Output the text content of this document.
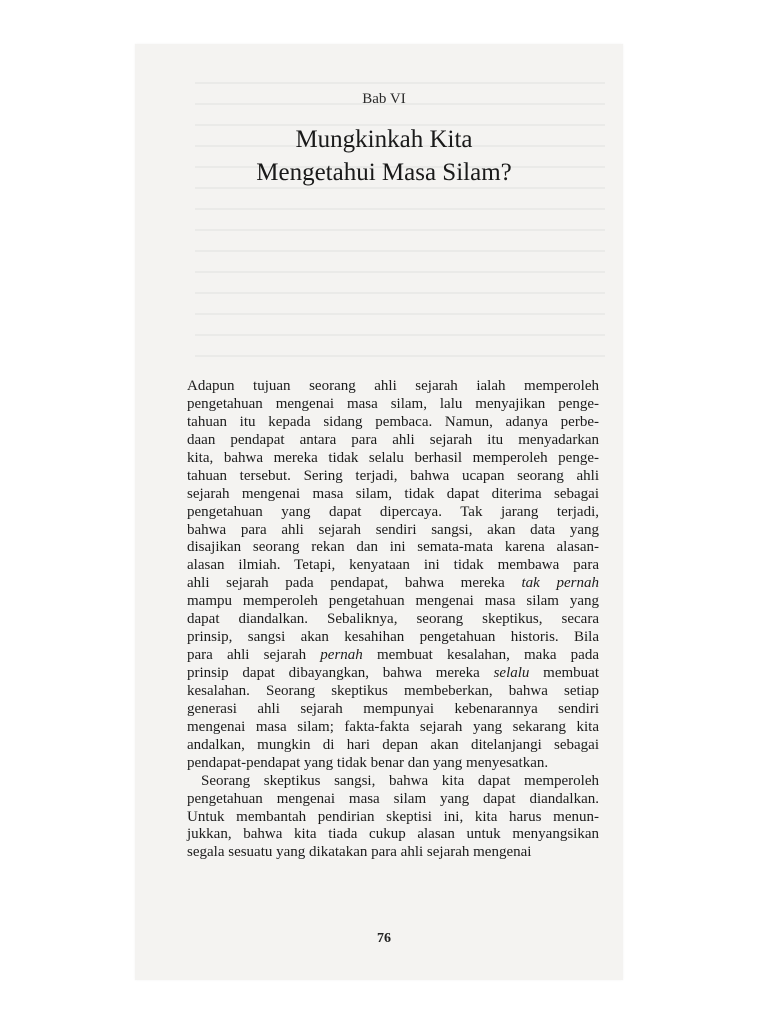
Bab VI
Mungkinkah Kita
Mengetahui Masa Silam?
Adapun tujuan seorang ahli sejarah ialah memperoleh
pengetahuan mengenai masa silam, lalu menyajikan penge-
tahuan itu kepada sidang pembaca. Namun, adanya perbe-
daan pendapat antara para ahli sejarah itu menyadarkan
kita, bahwa mereka tidak selalu berhasil memperoleh penge-
tahuan tersebut. Sering terjadi, bahwa ucapan seorang ahli
sejarah mengenai masa silam, tidak dapat diterima sebagai
pengetahuan yang dapat dipercaya. Tak jarang terjadi,
bahwa para ahli sejarah sendiri sangsi, akan data yang
disajikan seorang rekan dan ini semata-mata karena alasan-
alasan ilmiah. Tetapi, kenyataan ini tidak membawa para
ahli sejarah pada pendapat, bahwa mereka tak pernah
mampu memperoleh pengetahuan mengenai masa silam yang
dapat diandalkan. Sebaliknya, seorang skeptikus, secara
prinsip, sangsi akan kesahihan pengetahuan historis. Bila
para ahli sejarah pernah membuat kesalahan, maka pada
prinsip dapat dibayangkan, bahwa mereka selalu membuat
kesalahan. Seorang skeptikus membeberkan, bahwa setiap
generasi ahli sejarah mempunyai kebenarannya sendiri
mengenai masa silam; fakta-fakta sejarah yang sekarang kita
andalkan, mungkin di hari depan akan ditelanjangi sebagai
pendapat-pendapat yang tidak benar dan yang menyesatkan.
Seorang skeptikus sangsi, bahwa kita dapat memperoleh
pengetahuan mengenai masa silam yang dapat diandalkan.
Untuk membantah pendirian skeptisi ini, kita harus menun-
jukkan, bahwa kita tiada cukup alasan untuk menyangsikan
segala sesuatu yang dikatakan para ahli sejarah mengenai
76
